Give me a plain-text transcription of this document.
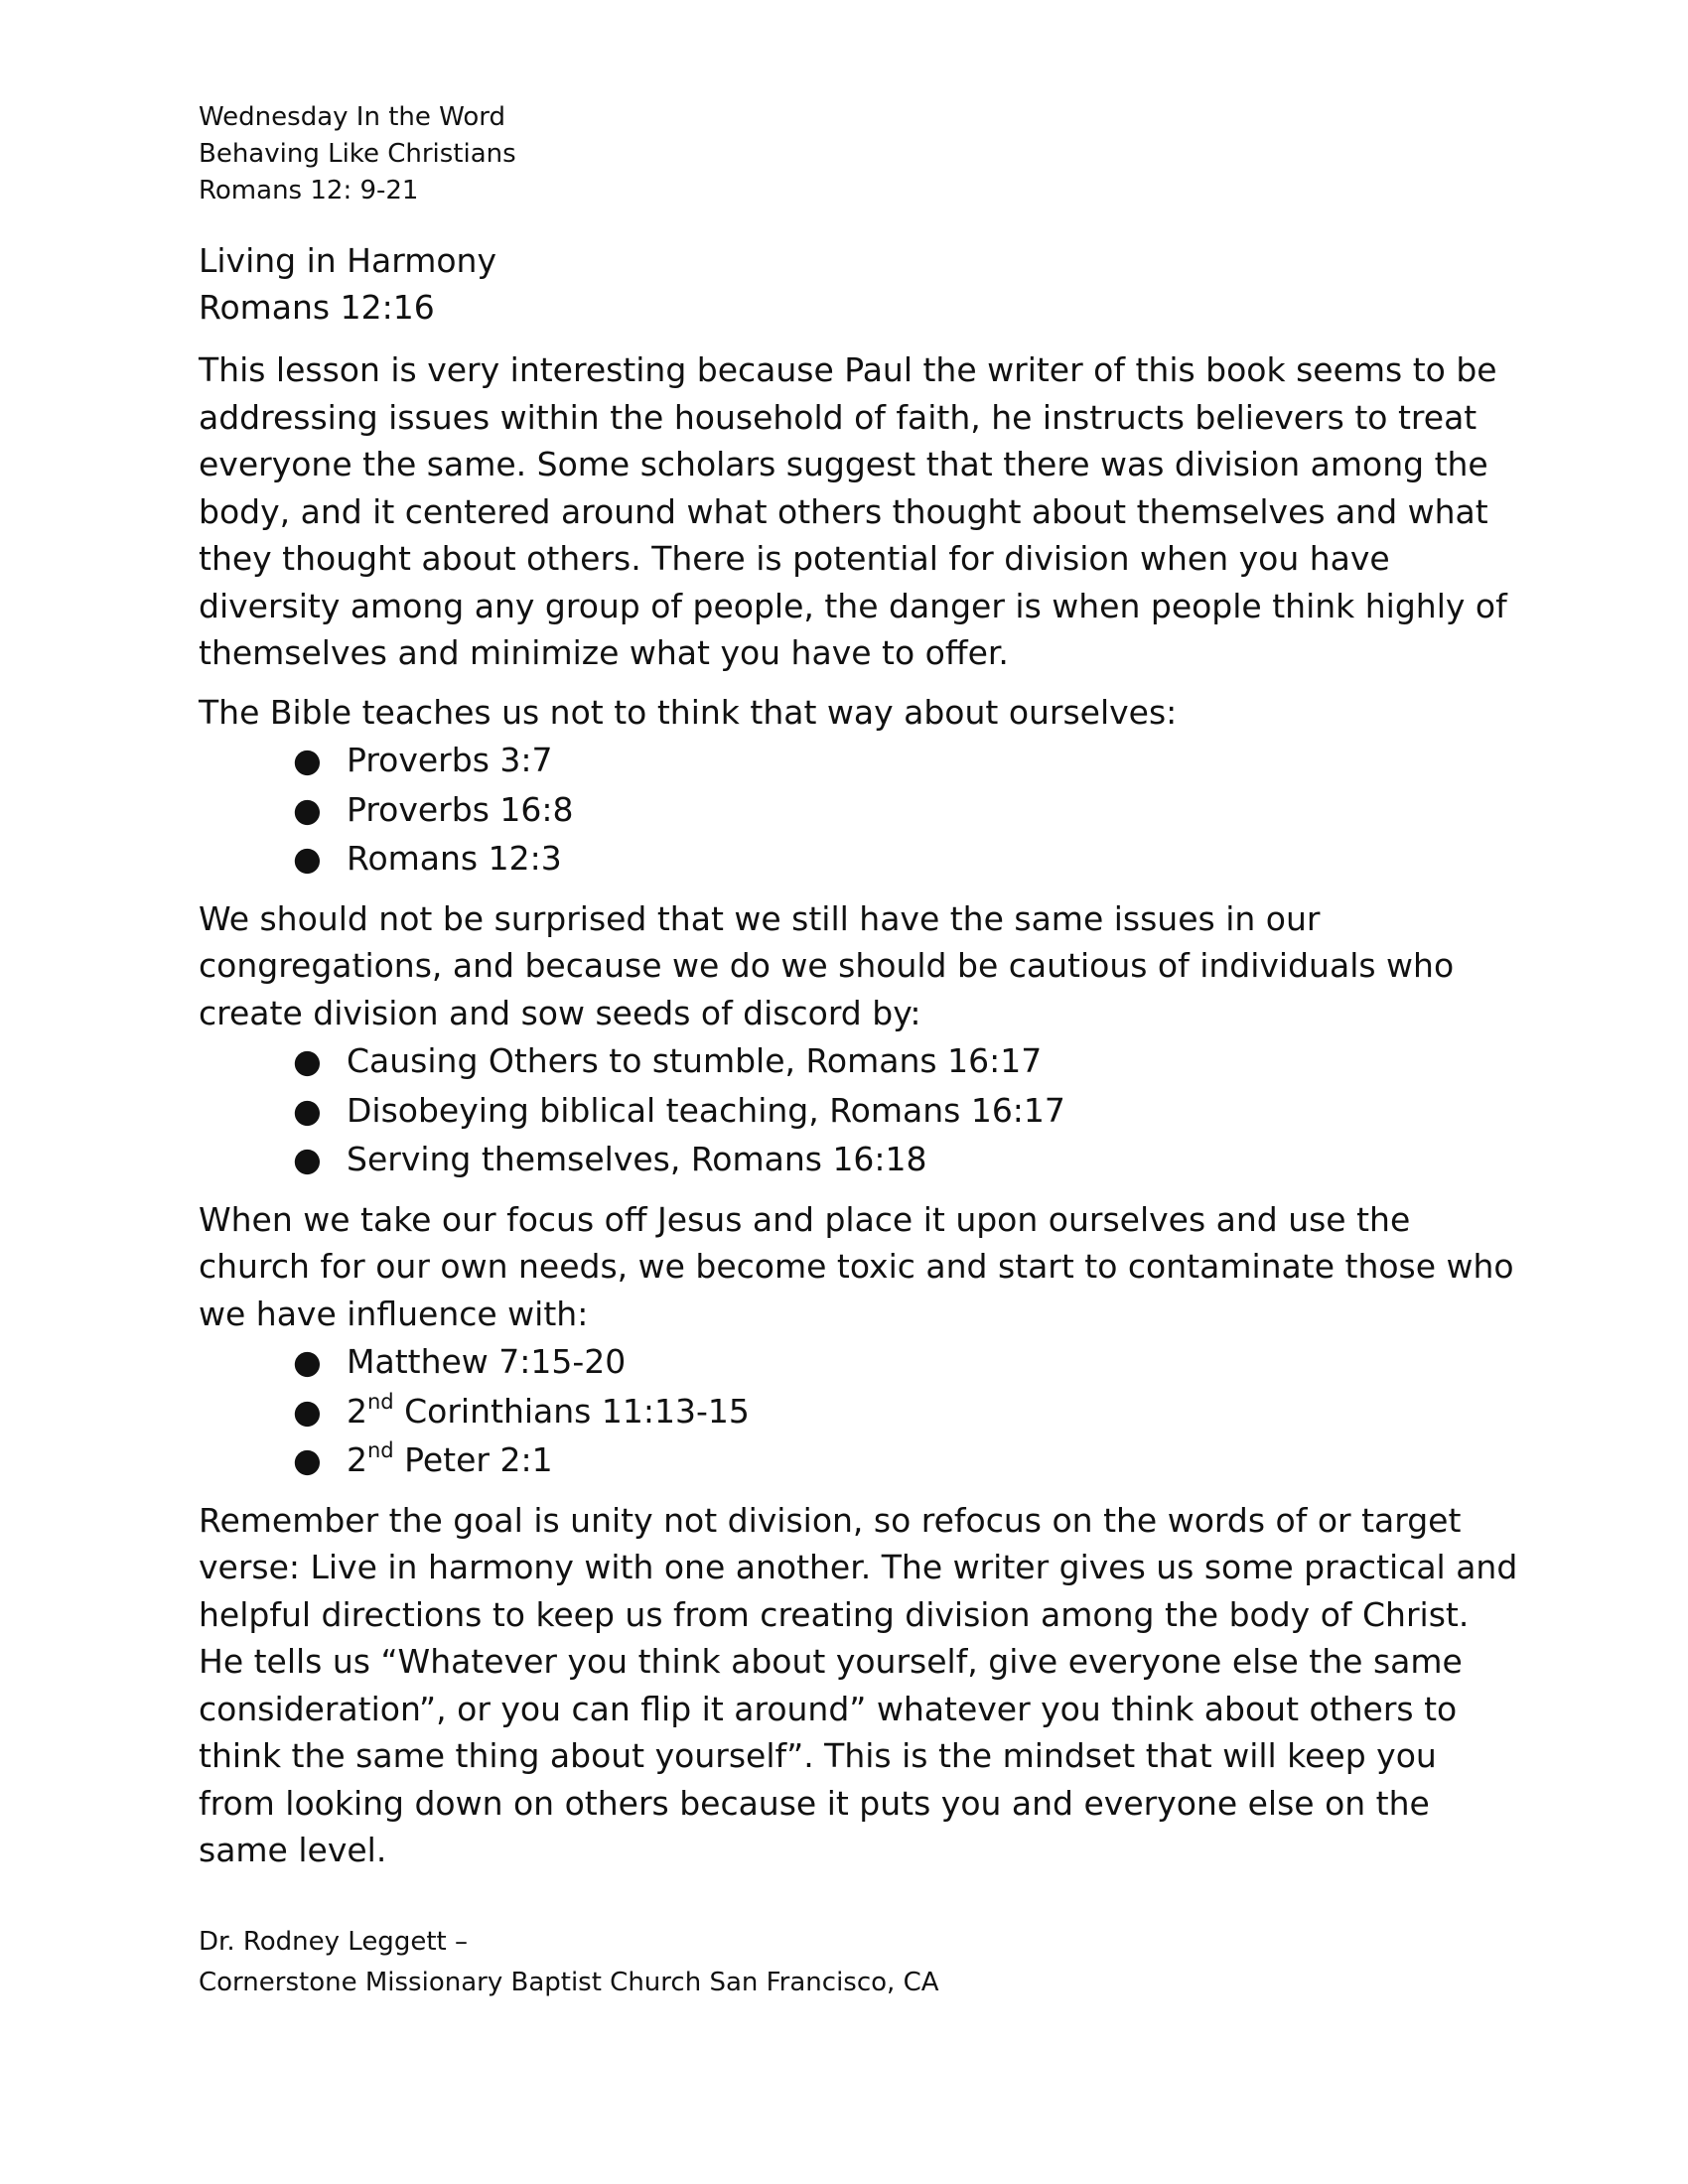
Wednesday In the Word

Behaving Like Christians

Romans 12: 9-21

Living in Harmony

Romans 12:16

This lesson is very interesting because Paul the writer of this book seems to be addressing issues within the household of faith, he instructs believers to treat everyone the same. Some scholars suggest that there was division among the body, and it centered around what others thought about themselves and what they thought about others. There is potential for division when you have diversity among any group of people, the danger is when people think highly of themselves and minimize what you have to offer.

The Bible teaches us not to think that way about ourselves:

● Proverbs 3:7
● Proverbs 16:8
● Romans 12:3

We should not be surprised that we still have the same issues in our congregations, and because we do we should be cautious of individuals who create division and sow seeds of discord by:

● Causing Others to stumble, Romans 16:17
● Disobeying biblical teaching, Romans 16:17
● Serving themselves, Romans 16:18

When we take our focus off Jesus and place it upon ourselves and use the church for our own needs, we become toxic and start to contaminate those who we have influence with:

● Matthew 7:15-20
● 2nd Corinthians 11:13-15
● 2nd Peter 2:1

Remember the goal is unity not division, so refocus on the words of or target verse: Live in harmony with one another. The writer gives us some practical and helpful directions to keep us from creating division among the body of Christ. He tells us “Whatever you think about yourself, give everyone else the same consideration”, or you can flip it around” whatever you think about others to think the same thing about yourself”. This is the mindset that will keep you from looking down on others because it puts you and everyone else on the same level.

Dr. Rodney Leggett –

Cornerstone Missionary Baptist Church San Francisco, CA
